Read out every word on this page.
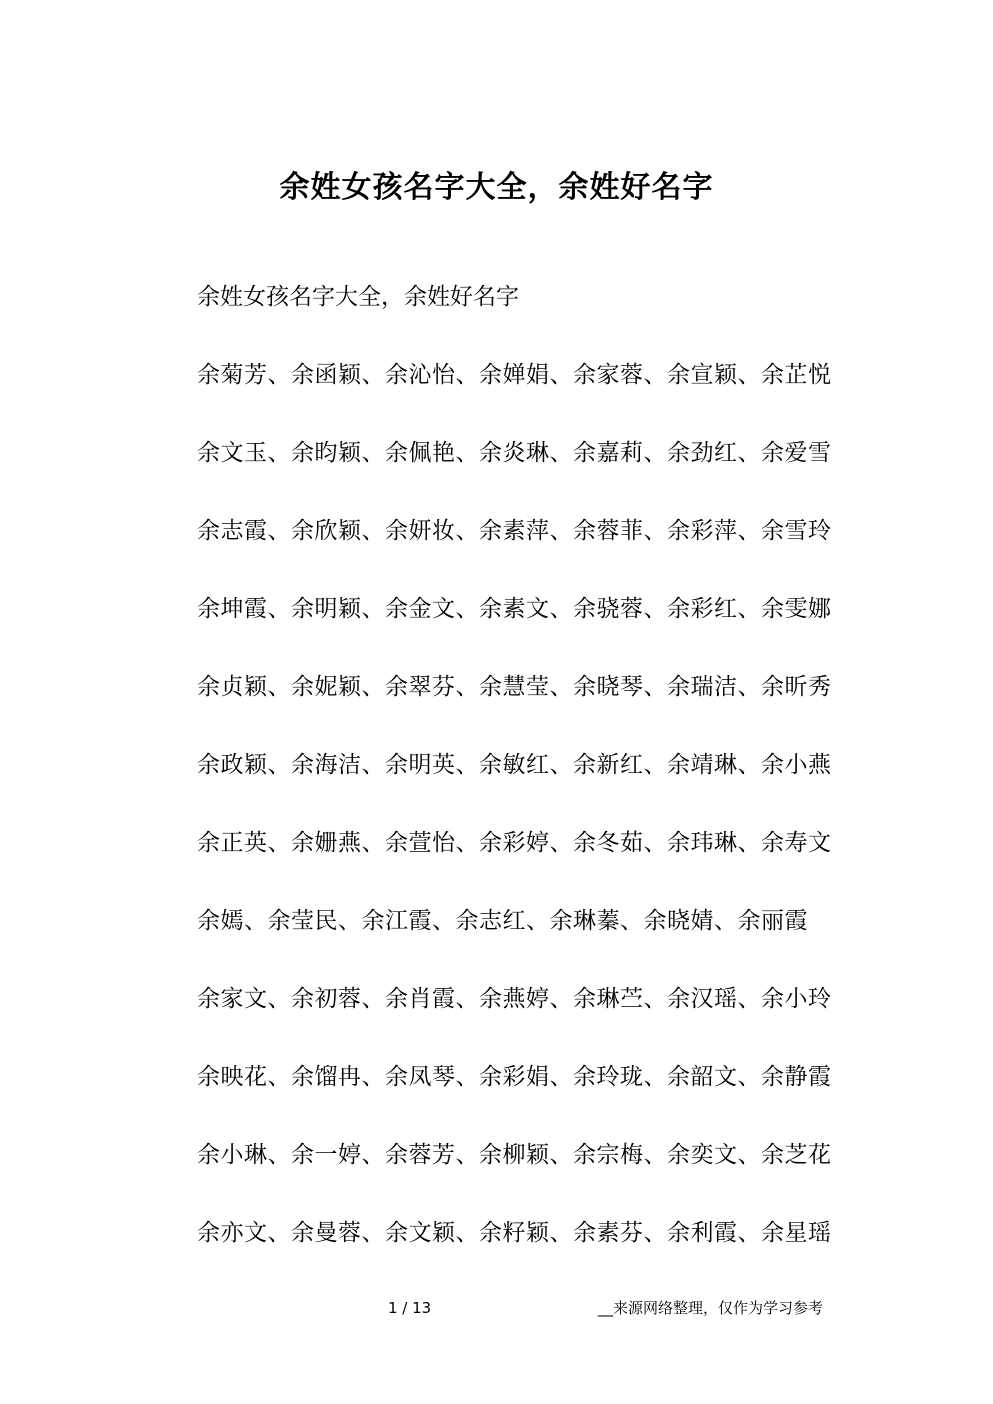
余姓女孩名字大全，余姓好名字
余姓女孩名字大全，余姓好名字
余菊芳、余函颖、余沁怡、余婵娟、余家蓉、余宣颖、余芷悦
余文玉、余昀颖、余佩艳、余炎琳、余嘉莉、余劲红、余爱雪
余志霞、余欣颖、余妍妆、余素萍、余蓉菲、余彩萍、余雪玲
余坤霞、余明颖、余金文、余素文、余骁蓉、余彩红、余雯娜
余贞颖、余妮颖、余翠芬、余慧莹、余晓琴、余瑞洁、余昕秀
余政颖、余海洁、余明英、余敏红、余新红、余靖琳、余小燕
余正英、余姗燕、余萱怡、余彩婷、余冬茹、余玮琳、余寿文
余嫣、余莹民、余江霞、余志红、余琳蓁、余晓婧、余丽霞
余家文、余初蓉、余肖霞、余燕婷、余琳苎、余汉瑶、余小玲
余映花、余馏冉、余凤琴、余彩娟、余玲珑、余韶文、余静霞
余小琳、余一婷、余蓉芳、余柳颖、余宗梅、余奕文、余芝花
余亦文、余曼蓉、余文颖、余籽颖、余素芬、余利霞、余星瑶
1 / 13	__来源网络整理，仅作为学习参考
